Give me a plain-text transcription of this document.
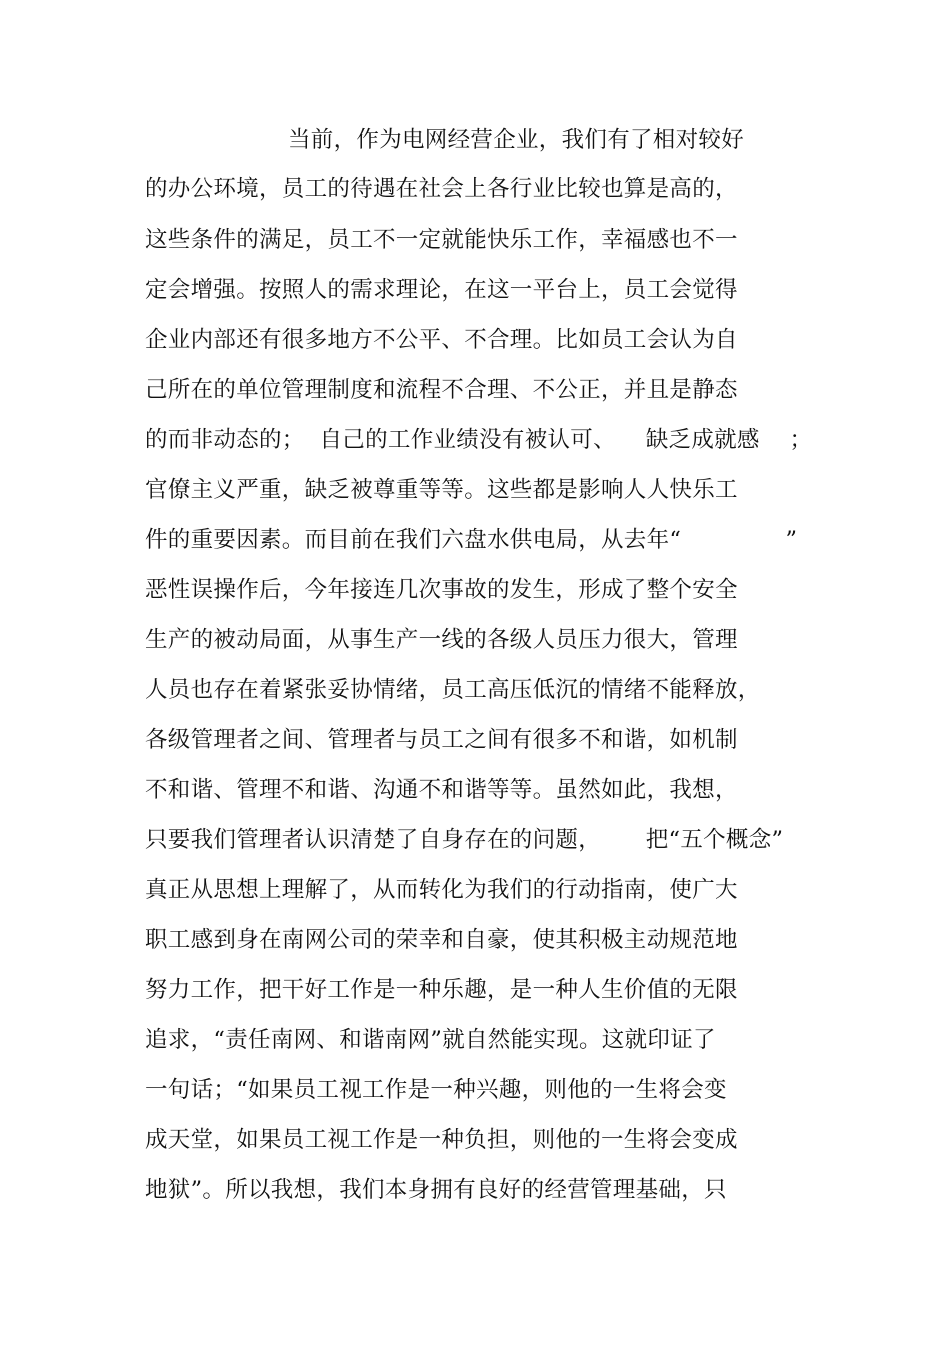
当前，作为电网经营企业，我们有了相对较好
的办公环境，员工的待遇在社会上各行业比较也算是高的，
这些条件的满足，员工不一定就能快乐工作，幸福感也不一
定会增强。按照人的需求理论，在这一平台上，员工会觉得
企业内部还有很多地方不公平、不合理。比如员工会认为自
己所在的单位管理制度和流程不合理、不公正，并且是静态
的而非动态的；  自己的工作业绩没有被认可、    缺乏成就感    ；
官僚主义严重，缺乏被尊重等等。这些都是影响人人快乐工
件的重要因素。而目前在我们六盘水供电局，从去年“              ”
恶性误操作后，今年接连几次事故的发生，形成了整个安全
生产的被动局面，从事生产一线的各级人员压力很大，管理
人员也存在着紧张妥协情绪，员工高压低沉的情绪不能释放，
各级管理者之间、管理者与员工之间有很多不和谐，如机制
不和谐、管理不和谐、沟通不和谐等等。虽然如此，我想，
只要我们管理者认识清楚了自身存在的问题，      把“五个概念”
真正从思想上理解了，从而转化为我们的行动指南，使广大
职工感到身在南网公司的荣幸和自豪，使其积极主动规范地
努力工作，把干好工作是一种乐趣，是一种人生价值的无限
追求，“责任南网、和谐南网”就自然能实现。这就印证了
一句话；“如果员工视工作是一种兴趣，则他的一生将会变
成天堂，如果员工视工作是一种负担，则他的一生将会变成
地狱”。所以我想，我们本身拥有良好的经营管理基础，只
